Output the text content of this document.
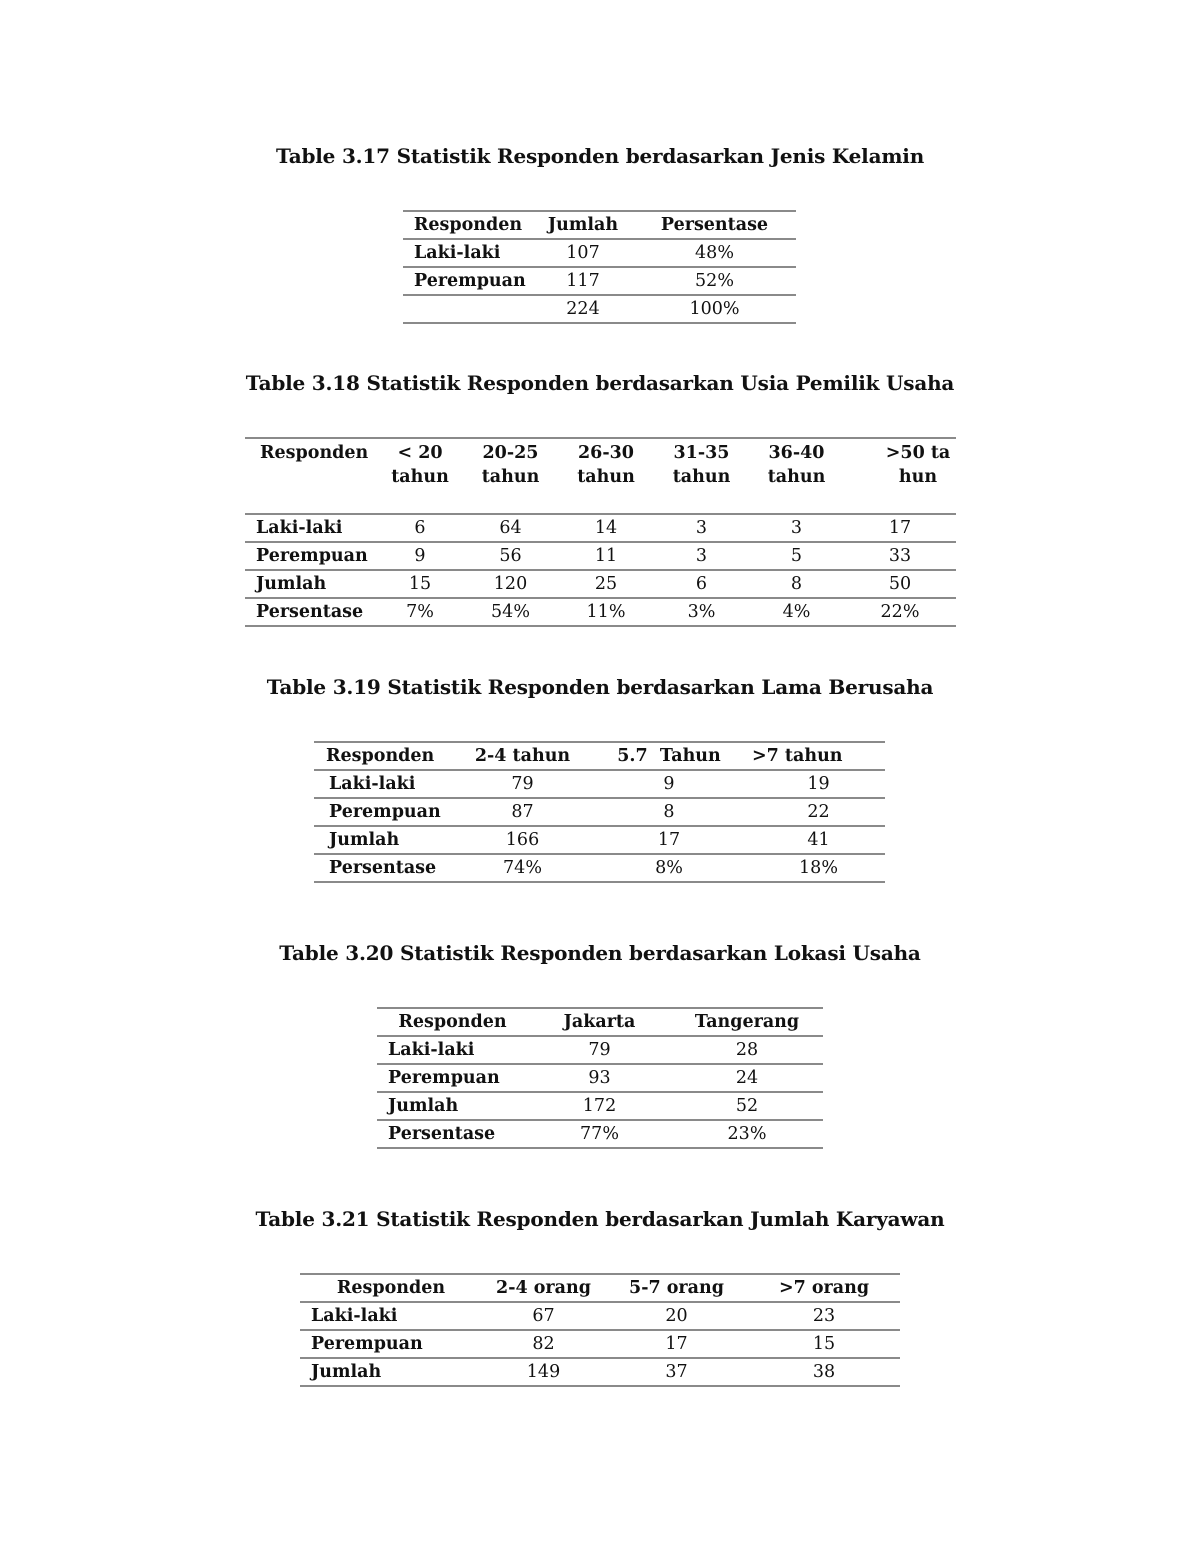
Table 3.17 Statistik Responden berdasarkan Jenis Kelamin
Responden	Jumlah	Persentase
Laki-laki	107	48%
Perempuan	117	52%
	224	100%
Table 3.18 Statistik Responden berdasarkan Usia Pemilik Usaha
Responden	< 20 tahun	20-25 tahun	26-30 tahun	31-35 tahun	36-40 tahun	>50 tahun
Laki-laki	6	64	14	3	3	17
Perempuan	9	56	11	3	5	33
Jumlah	15	120	25	6	8	50
Persentase	7%	54%	11%	3%	4%	22%
Table 3.19 Statistik Responden berdasarkan Lama Berusaha
Responden	2-4 tahun	5.7  Tahun	>7 tahun
Laki-laki	79	9	19
Perempuan	87	8	22
Jumlah	166	17	41
Persentase	74%	8%	18%
Table 3.20 Statistik Responden berdasarkan Lokasi Usaha
Responden	Jakarta	Tangerang
Laki-laki	79	28
Perempuan	93	24
Jumlah	172	52
Persentase	77%	23%
Table 3.21 Statistik Responden berdasarkan Jumlah Karyawan
Responden	2-4 orang	5-7 orang	>7 orang
Laki-laki	67	20	23
Perempuan	82	17	15
Jumlah	149	37	38
